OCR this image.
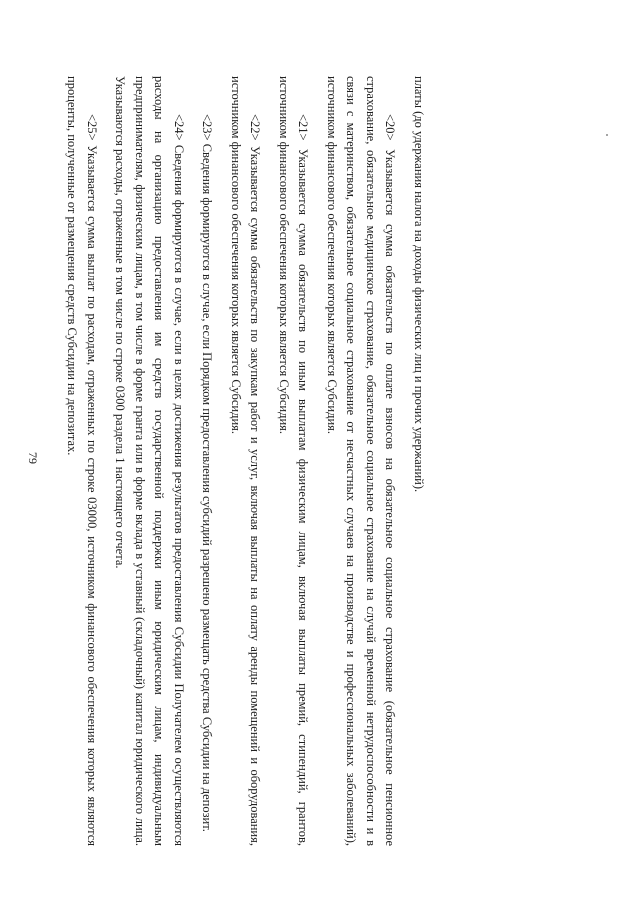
79	платы (до удержания налога на доходы физических лиц и прочих удержаний).

<20> Указывается сумма обязательств по оплате взносов на обязательное социальное страхование (обязательное пенсионное страхование, обязательное медицинское страхование, обязательное социальное страхование на случай временной нетрудоспособности и в связи с материнством, обязательное социальное страхование от несчастных случаев на производстве и профессиональных заболеваний), источником финансового обеспечения которых является Субсидия.

<21> Указывается сумма обязательств по иным выплатам физическим лицам, включая выплаты премий, стипендий, грантов, источником финансового обеспечения которых является Субсидия.

<22> Указывается сумма обязательств по закупкам работ и услуг, включая выплаты на оплату аренды помещений и оборудования, источником финансового обеспечения которых является Субсидия.

<23> Сведения формируются в случае, если Порядком предоставления субсидий разрешено размещать средства Субсидии на депозит.

<24> Сведения формируются в случае, если в целях достижения результатов предоставления Субсидии Получателем осуществляются расходы на организацию предоставления им средств государственной поддержки иным юридическим лицам, индивидуальным предпринимателям, физическим лицам, в том числе в форме гранта или в форме вклада в уставный (складочный) капитал юридического лица. Указываются расходы, отраженные в том числе по строке 0300 раздела 1 настоящего отчета.

<25> Указывается сумма выплат по расходам, отраженных по строке 03000, источником финансового обеспечения которых являются проценты, полученные от размещения средств Субсидии на депозитах.
